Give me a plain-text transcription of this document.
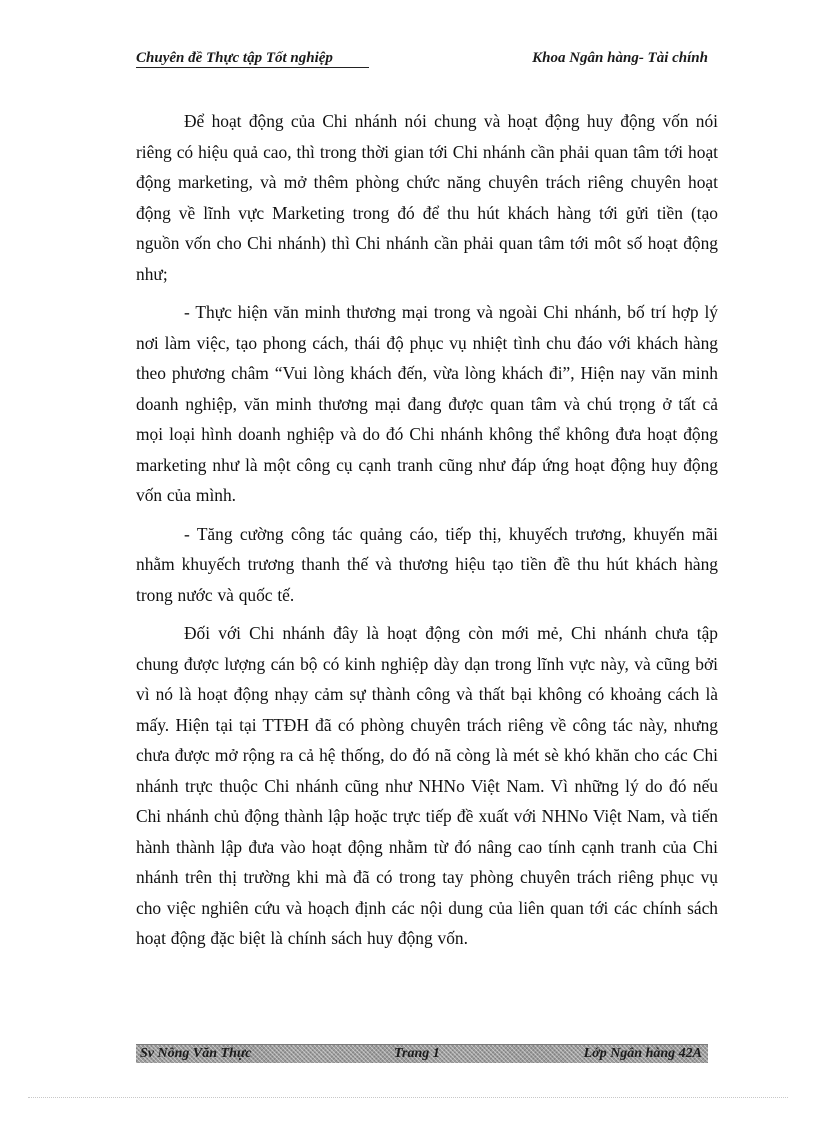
Chuyên đề Thực tập Tốt nghiệp	Khoa Ngân hàng- Tài chính

Để hoạt động của Chi nhánh nói chung và hoạt động huy động vốn nói riêng có hiệu quả cao, thì trong thời gian tới Chi nhánh cần phải quan tâm tới hoạt động marketing, và mở thêm phòng chức năng chuyên trách riêng chuyên hoạt động về lĩnh vực Marketing trong đó để thu hút khách hàng tới gửi tiền (tạo nguồn vốn cho Chi nhánh) thì Chi nhánh cần phải quan tâm tới môt số hoạt động như;

- Thực hiện văn minh thương mại trong và ngoài Chi nhánh, bố trí hợp lý nơi làm việc, tạo phong cách, thái độ phục vụ nhiệt tình chu đáo với khách hàng theo phương châm “Vui lòng khách đến, vừa lòng khách đi”, Hiện nay văn minh doanh nghiệp, văn minh thương mại đang được quan tâm và chú trọng ở tất cả mọi loại hình doanh nghiệp và do đó Chi nhánh không thể không đưa hoạt động marketing như là một công cụ cạnh tranh cũng như đáp ứng hoạt động huy động vốn của mình.

- Tăng cường công tác quảng cáo, tiếp thị, khuyếch trương, khuyến mãi nhằm khuyếch trương thanh thế và thương hiệu tạo tiền đề thu hút khách hàng trong nước và quốc tế.

Đối với Chi nhánh đây là hoạt động còn mới mẻ, Chi nhánh chưa tập chung được lượng cán bộ có kinh nghiệp dày dạn trong lĩnh vực này, và cũng bởi vì nó là hoạt động nhạy cảm sự thành công và thất bại không có khoảng cách là mấy. Hiện tại tại TTĐH đã có phòng chuyên trách riêng về công tác này, nhưng chưa được mở rộng ra cả hệ thống, do đó nã còng là mét sè khó khăn cho các Chi nhánh trực thuộc Chi nhánh cũng như NHNo Việt Nam. Vì những lý do đó nếu Chi nhánh chủ động thành lập hoặc trực tiếp đề xuất với NHNo Việt Nam, và tiến hành thành lập đưa vào hoạt động nhằm từ đó nâng cao tính cạnh tranh của Chi nhánh trên thị trường khi mà đã có trong tay phòng chuyên trách riêng phục vụ cho việc nghiên cứu và hoạch định các nội dung của liên quan tới các chính sách hoạt động đặc biệt là chính sách huy động vốn.

Sv Nông Văn Thực	Trang 1	Lớp Ngân hàng 42A
